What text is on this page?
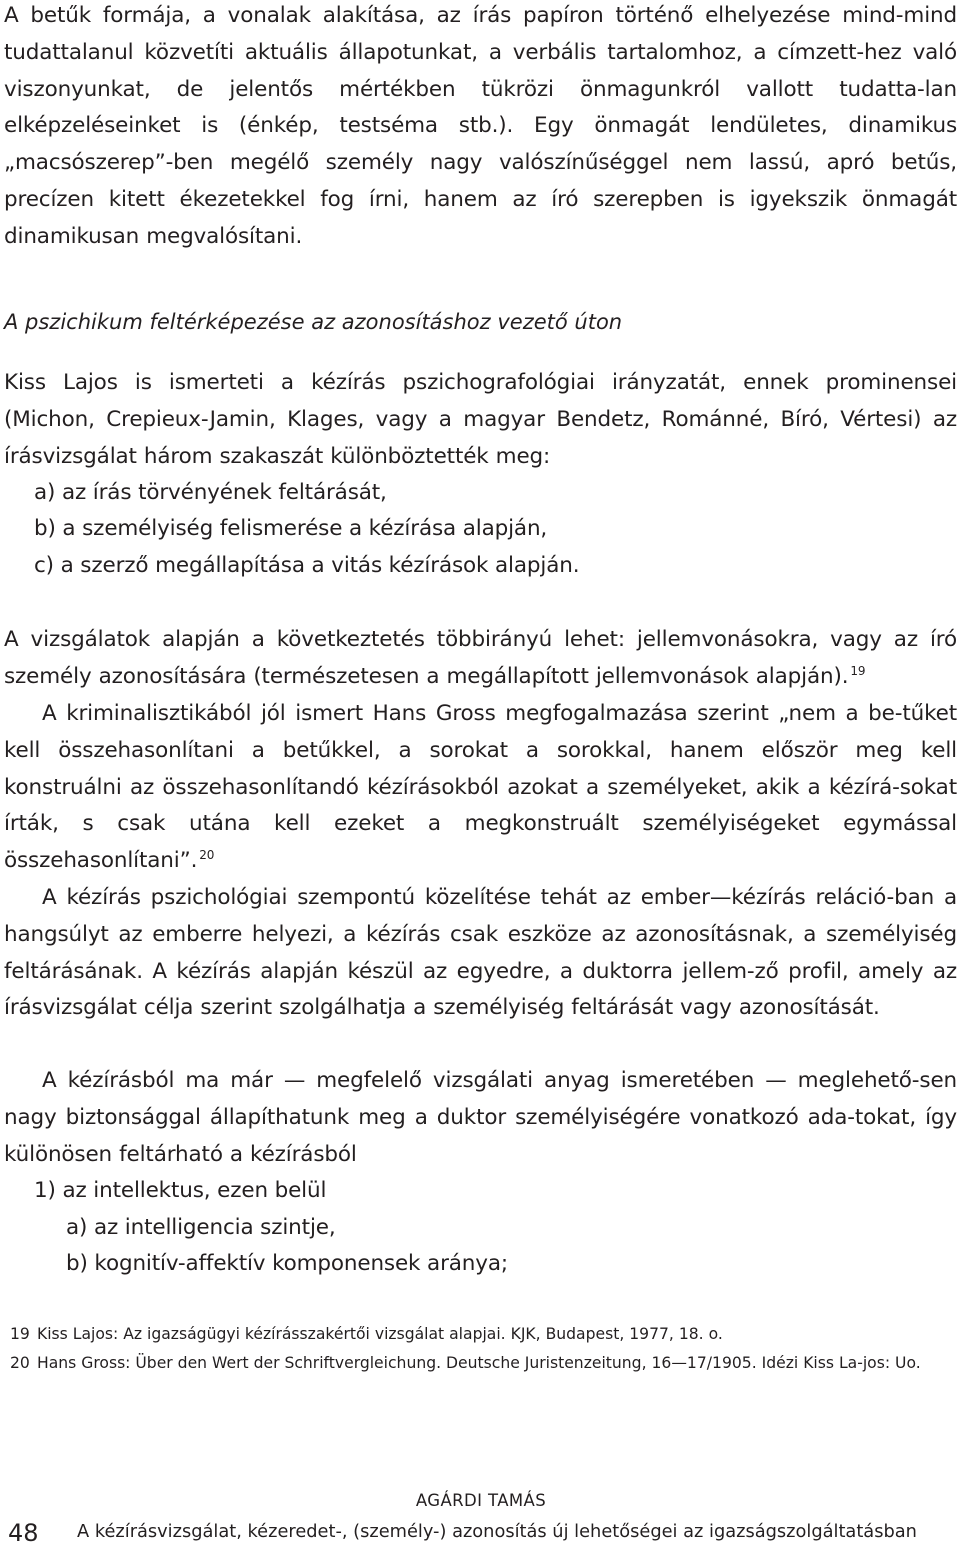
A betűk formája, a vonalak alakítása, az írás papíron történő elhelyezése mind-mind tudattalanul közvetíti aktuális állapotunkat, a verbális tartalomhoz, a címzett-hez való viszonyunkat, de jelentős mértékben tükrözi önmagunkról vallott tudatta-lan elképzeléseinket is (énkép, testséma stb.). Egy önmagát lendületes, dinamikus „macsószerep”-ben megélő személy nagy valószínűséggel nem lassú, apró betűs, precízen kitett ékezetekkel fog írni, hanem az író szerepben is igyekszik önmagát dinamikusan megvalósítani.

A pszichikum feltérképezése az azonosításhoz vezető úton

Kiss Lajos is ismerteti a kézírás pszichografológiai irányzatát, ennek prominensei (Michon, Crepieux-Jamin, Klages, vagy a magyar Bendetz, Románné, Bíró, Vértesi) az írásvizsgálat három szakaszát különböztették meg:

a) az írás törvényének feltárását,
b) a személyiség felismerése a kézírása alapján,
c) a szerző megállapítása a vitás kézírások alapján.

A vizsgálatok alapján a következtetés többirányú lehet: jellemvonásokra, vagy az író személy azonosítására (természetesen a megállapított jellemvonások alapján). $^{19}$

A kriminalisztikából jól ismert Hans Gross megfogalmazása szerint „nem a be-tűket kell összehasonlítani a betűkkel, a sorokat a sorokkal, hanem először meg kell konstruálni az összehasonlítandó kézírásokból azokat a személyeket, akik a kézírá-sokat írták, s csak utána kell ezeket a megkonstruált személyiségeket egymással összehasonlítani”. $^{20}$

A kézírás pszichológiai szempontú közelítése tehát az ember—kézírás reláció-ban a hangsúlyt az emberre helyezi, a kézírás csak eszköze az azonosításnak, a személyiség feltárásának. A kézírás alapján készül az egyedre, a duktorra jellem-ző profil, amely az írásvizsgálat célja szerint szolgálhatja a személyiség feltárását vagy azonosítását.

A kézírásból ma már — megfelelő vizsgálati anyag ismeretében — meglehető-sen nagy biztonsággal állapíthatunk meg a duktor személyiségére vonatkozó ada-tokat, így különösen feltárható a kézírásból

1) az intellektus, ezen belül
a) az intelligencia szintje,
b) kognitív-affektív komponensek aránya;
19 Kiss Lajos: Az igazságügyi kézírásszakértői vizsgálat alapjai. KJK, Budapest, 1977, 18. o.
20 Hans Gross: Über den Wert der Schriftvergleichung. Deutsche Juristenzeitung, 16—17/1905. Idézi Kiss La-jos: Uo.
AGÁRDI TAMÁS
48 A kézírásvizsgálat, kézeredet-, (személy-) azonosítás új lehetőségei az igazságszolgáltatásban
